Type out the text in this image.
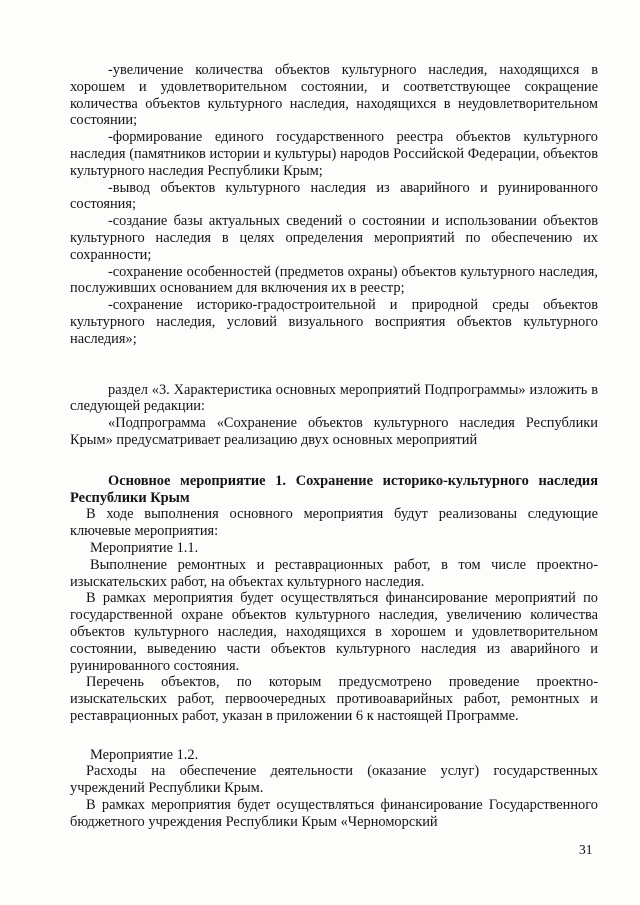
-увеличение количества объектов культурного наследия, находящихся в хорошем и удовлетворительном состоянии, и соответствующее сокращение количества объектов культурного наследия, находящихся в неудовлетворительном состоянии;

-формирование единого государственного реестра объектов культурного наследия (памятников истории и культуры) народов Российской Федерации, объектов культурного наследия Республики Крым;

-вывод объектов культурного наследия из аварийного и руинированного состояния;

-создание базы актуальных сведений о состоянии и использовании объектов культурного наследия в целях определения мероприятий по обеспечению их сохранности;

-сохранение особенностей (предметов охраны) объектов культурного наследия, послуживших основанием для включения их в реестр;

-сохранение историко-градостроительной и природной среды объектов культурного наследия, условий визуального восприятия объектов культурного наследия»;

раздел «3. Характеристика основных мероприятий Подпрограммы» изложить в следующей редакции:

«Подпрограмма «Сохранение объектов культурного наследия Республики Крым» предусматривает реализацию двух основных мероприятий

Основное мероприятие 1. Сохранение историко-культурного наследия Республики Крым

В ходе выполнения основного мероприятия будут реализованы следующие ключевые мероприятия:

Мероприятие 1.1.

Выполнение ремонтных и реставрационных работ, в том числе проектно-изыскательских работ, на объектах культурного наследия.

В рамках мероприятия будет осуществляться финансирование мероприятий по государственной охране объектов культурного наследия, увеличению количества объектов культурного наследия, находящихся в хорошем и удовлетворительном состоянии, выведению части объектов культурного наследия из аварийного и руинированного состояния.

Перечень объектов, по которым предусмотрено проведение проектно-изыскательских работ, первоочередных противоаварийных работ, ремонтных и реставрационных работ, указан в приложении 6 к настоящей Программе.

Мероприятие 1.2.

Расходы на обеспечение деятельности (оказание услуг) государственных учреждений Республики Крым.

В рамках мероприятия будет осуществляться финансирование Государственного бюджетного учреждения Республики Крым «Черноморский

31
